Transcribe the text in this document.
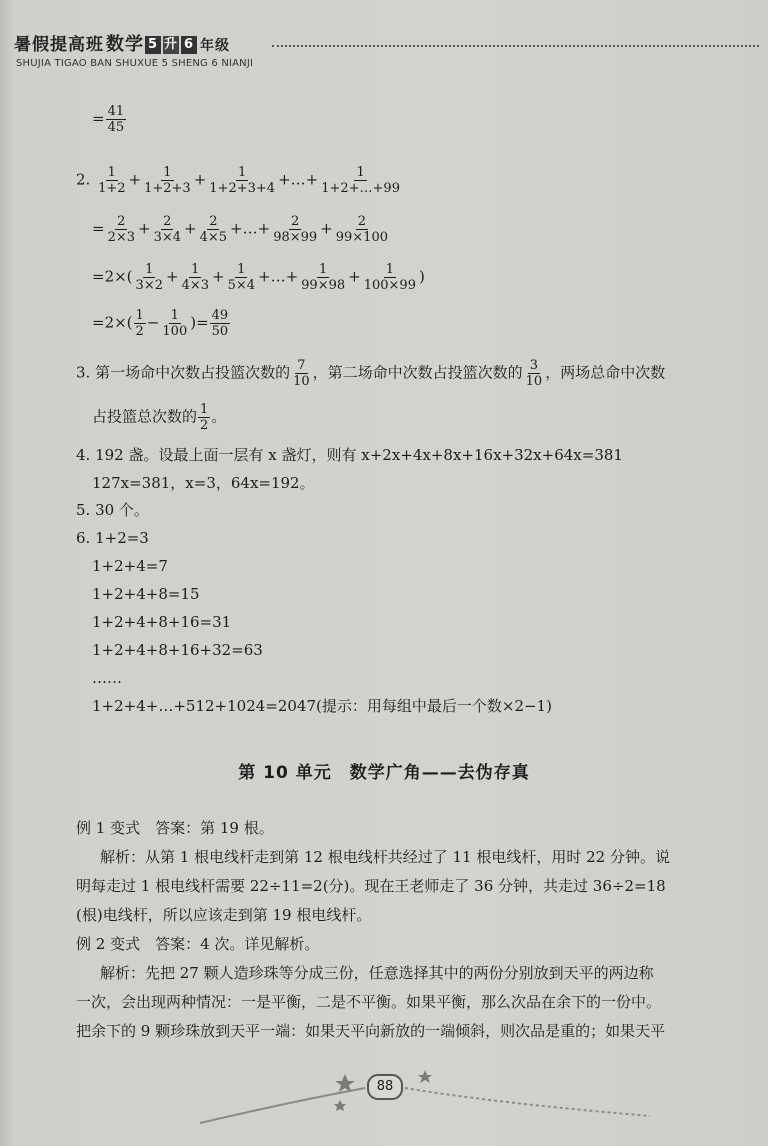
暑假提高班 数学 5 升 6 年级
SHUJIA TIGAO BAN SHUXUE 5 SHENG 6 NIANJI
= $\frac{41}{45}$
2. $\frac{1}{1+2} + \frac{1}{1+2+3} + \frac{1}{1+2+3+4}$ +…+ $\frac{1}{1+2+\dots+99}$
= $\frac{2}{2\times 3} + \frac{2}{3\times 4} + \frac{2}{4\times 5}$ +…+ $\frac{2}{98\times 99} + \frac{2}{99\times 100}$
$=2\times( \frac{1}{3\times 2} + \frac{1}{4\times 3} + \frac{1}{5\times 4}$ +…+ $\frac{1}{99\times 98} + \frac{1}{100\times 99}$ )
$=2\times( \frac{1}{2} - \frac{1}{100}$ )= $\frac{49}{50}$
3. 第一场命中次数占投篮次数的 $\frac{7}{10}$ ，第二场命中次数占投篮次数的 $\frac{3}{10}$ ，两场总命中次数
占投篮总次数的 $\frac{1}{2}$ 。
4. 192 盏。设最上面一层有 x 盏灯，则有 x+2x+4x+8x+16x+32x+64x=381
127x=381，x=3，64x=192。
5. 30 个。
6. 1+2=3
1+2+4=7
1+2+4+8=15
1+2+4+8+16=31
1+2+4+8+16+32=63
……
1+2+4+…+512+1024=2047(提示：用每组中最后一个数×2−1)
第 10 单元　数学广角——去伪存真
例 1 变式　答案：第 19 根。
解析：从第 1 根电线杆走到第 12 根电线杆共经过了 11 根电线杆，用时 22 分钟。说
明每走过 1 根电线杆需要 22÷11=2(分)。现在王老师走了 36 分钟，共走过 36÷2=18
(根)电线杆，所以应该走到第 19 根电线杆。
例 2 变式　答案：4 次。详见解析。
解析：先把 27 颗人造珍珠等分成三份，任意选择其中的两份分别放到天平的两边称
一次，会出现两种情况：一是平衡，二是不平衡。如果平衡，那么次品在余下的一份中。
把余下的 9 颗珍珠放到天平一端：如果天平向新放的一端倾斜，则次品是重的；如果天平
88
